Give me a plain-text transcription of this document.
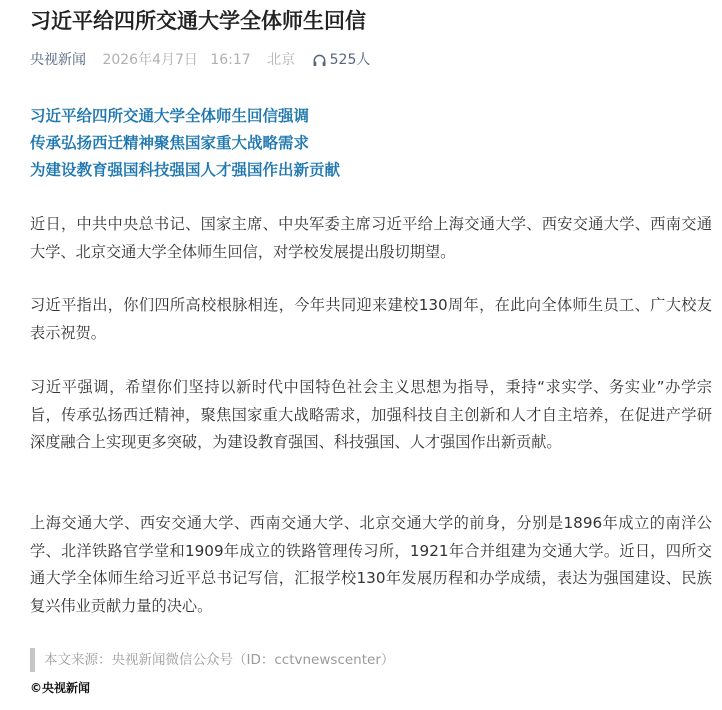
习近平给四所交通大学全体师生回信
央视新闻 2026年4月7日 16:17 北京 525人
习近平给四所交通大学全体师生回信强调
传承弘扬西迁精神聚焦国家重大战略需求
为建设教育强国科技强国人才强国作出新贡献

近日，中共中央总书记、国家主席、中央军委主席习近平给上海交通大学、西安交通大学、西南交通大学、北京交通大学全体师生回信，对学校发展提出殷切期望。

习近平指出，你们四所高校根脉相连，今年共同迎来建校130周年，在此向全体师生员工、广大校友表示祝贺。

习近平强调，希望你们坚持以新时代中国特色社会主义思想为指导，秉持“求实学、务实业”办学宗旨，传承弘扬西迁精神，聚焦国家重大战略需求，加强科技自主创新和人才自主培养，在促进产学研深度融合上实现更多突破，为建设教育强国、科技强国、人才强国作出新贡献。

上海交通大学、西安交通大学、西南交通大学、北京交通大学的前身，分别是1896年成立的南洋公学、北洋铁路官学堂和1909年成立的铁路管理传习所，1921年合并组建为交通大学。近日，四所交通大学全体师生给习近平总书记写信，汇报学校130年发展历程和办学成绩，表达为强国建设、民族复兴伟业贡献力量的决心。

本文来源：央视新闻微信公众号（ID：cctvnewscenter）
©央视新闻
